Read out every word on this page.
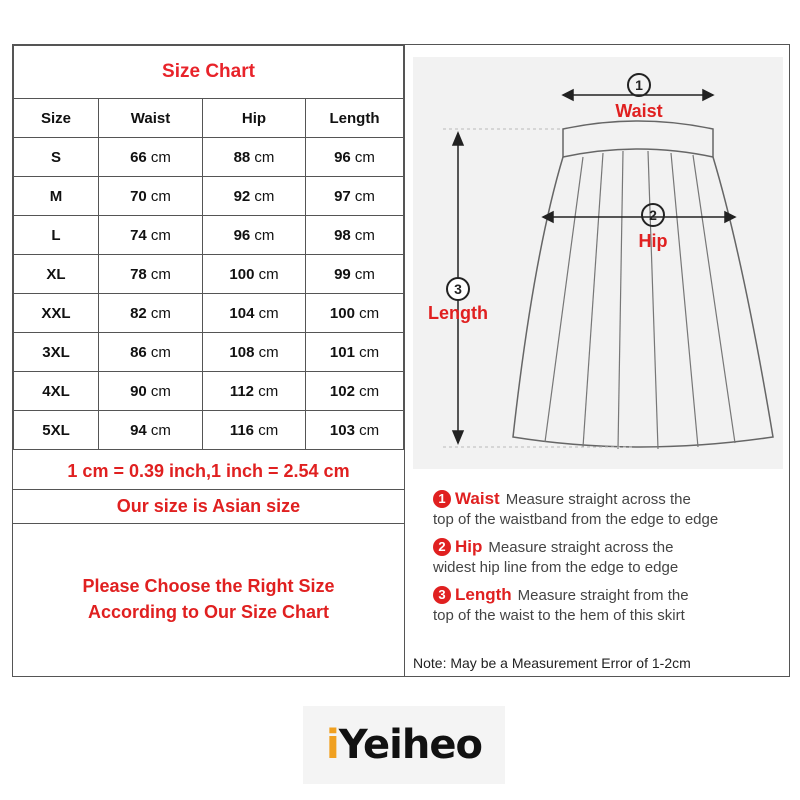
Size Chart			
Size	Waist	Hip	Length
S	66 cm	88 cm	96 cm
M	70 cm	92 cm	97 cm
L	74 cm	96 cm	98 cm
XL	78 cm	100 cm	99 cm
XXL	82 cm	104 cm	100 cm
3XL	86 cm	108 cm	101 cm
4XL	90 cm	112 cm	102 cm
5XL	94 cm	116 cm	103 cm
1 cm = 0.39 inch,1 inch = 2.54 cm
Our size is Asian size
Please Choose the Right Size
According to Our Size Chart
1
Waist
2
Hip
3
Length
1 Waist Measure straight across the
top of the waistband from the edge to edge
2 Hip Measure straight across the
widest hip line from the edge to edge
3 Length Measure straight from the
top of the waist to the hem of this skirt
Note: May be a Measurement Error of 1-2cm
iYeiheo
